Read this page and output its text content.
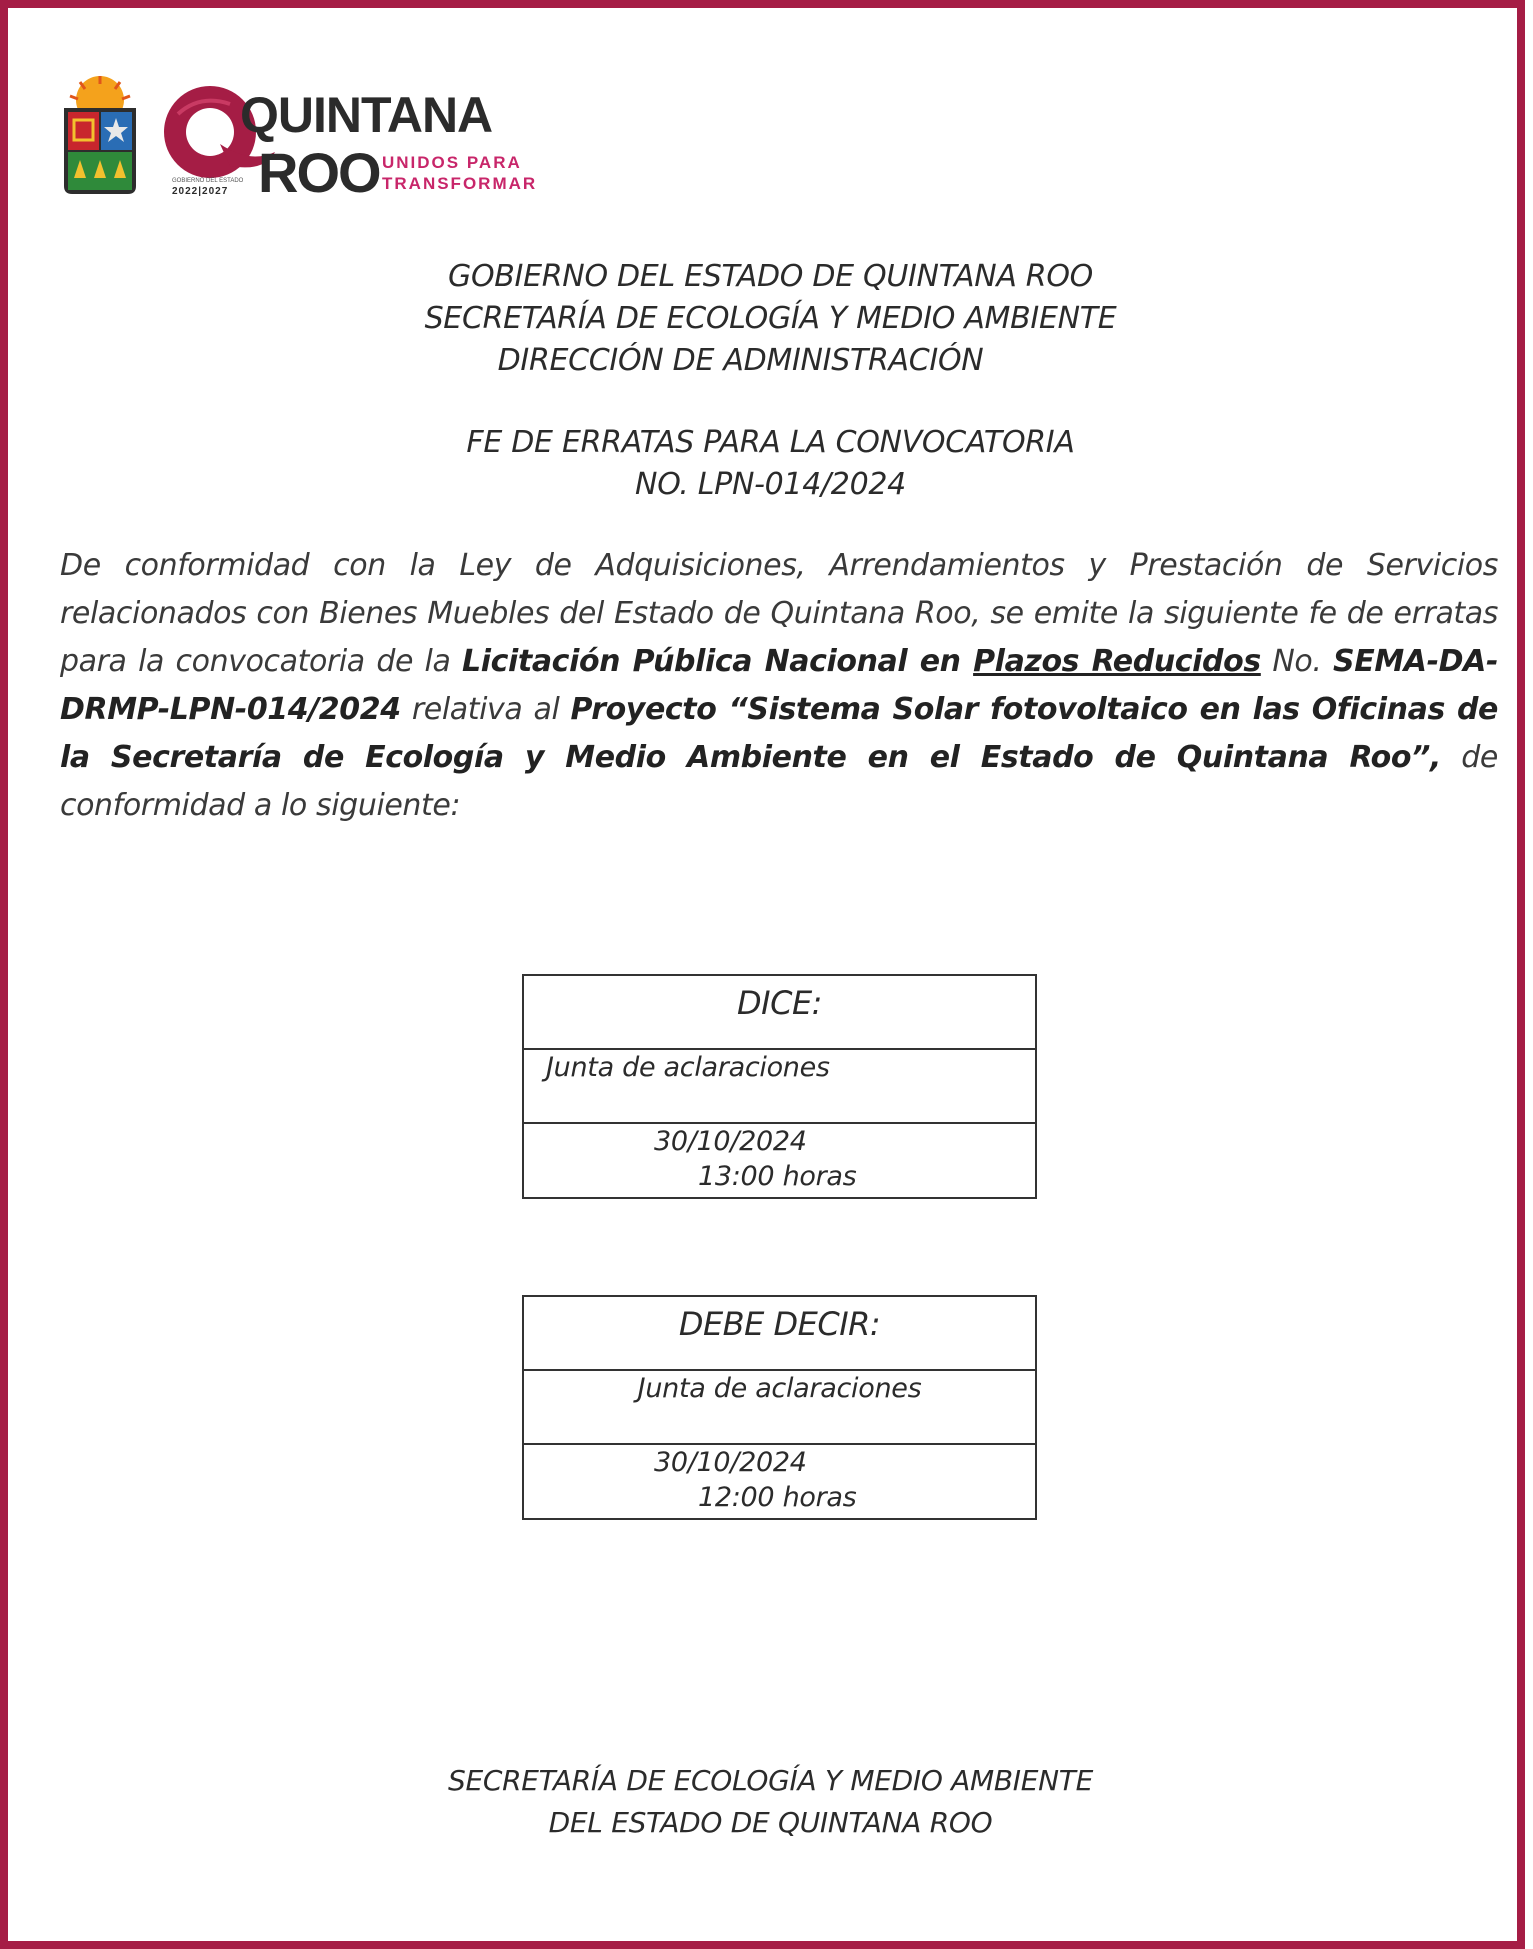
QUINTANA
ROO UNIDOS PARA
TRANSFORMAR
GOBIERNO DEL ESTADO
2022|2027
GOBIERNO DEL ESTADO DE QUINTANA ROO
SECRETARÍA DE ECOLOGÍA Y MEDIO AMBIENTE
DIRECCIÓN DE ADMINISTRACIÓN
FE DE ERRATAS PARA LA CONVOCATORIA
NO. LPN-014/2024
De conformidad con la Ley de Adquisiciones, Arrendamientos y Prestación de Servicios relacionados con Bienes Muebles del Estado de Quintana Roo, se emite la siguiente fe de erratas para la convocatoria de la Licitación Pública Nacional en Plazos Reducidos No. SEMA-DA-DRMP-LPN-014/2024 relativa al Proyecto “Sistema Solar fotovoltaico en las Oficinas de la Secretaría de Ecología y Medio Ambiente en el Estado de Quintana Roo”, de conformidad a lo siguiente:
DICE:
Junta de aclaraciones
30/10/2024
13:00 horas
DEBE DECIR:
Junta de aclaraciones
30/10/2024
12:00 horas
SECRETARÍA DE ECOLOGÍA Y MEDIO AMBIENTE
DEL ESTADO DE QUINTANA ROO
